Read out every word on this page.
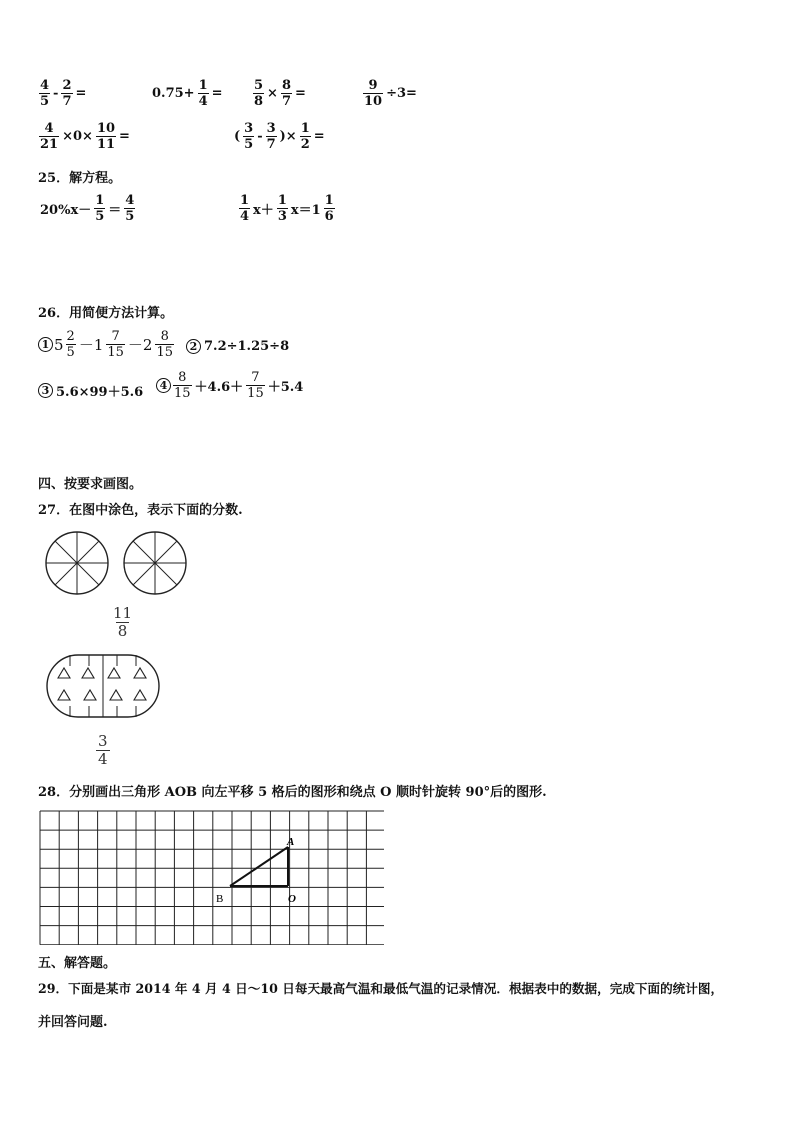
$\frac{4}{5} - \frac{2}{7}$ =	$0.75+ \frac{1}{4} = \frac{5}{8} \times \frac{8}{7}$ =	$\frac{9}{10} \div 3=$
$\frac{4}{21} \times 0\times \frac{10}{11}$ =	( $\frac{3}{5} - \frac{3}{7}$ )× $\frac{1}{2}$ =
25．解方程。
$20\%x- \frac{1}{5} = \frac{4}{5}$	$\frac{1}{4} x+ \frac{1}{3} x=1 \frac{1}{6}$
26．用简便方法计算。
1 $5 \frac{2}{5} -1 \frac{7}{15} -2 \frac{8}{15}$	2 7.2÷1.25÷8
3 5.6×99＋5.6	$4 \frac{8}{15} +4.6+ \frac{7}{15} +5.4$
四、按要求画图。
27．在图中涂色，表示下面的分数.
$\frac{11}{8}$
$\frac{3}{4}$
28．分别画出三角形 AOB 向左平移 5 格后的图形和绕点 O 顺时针旋转 90°后的图形.
A
B	O
五、解答题。
29．下面是某市 2014 年 4 月 4 日～10 日每天最高气温和最低气温的记录情况．根据表中的数据，完成下面的统计图，
并回答问题.
